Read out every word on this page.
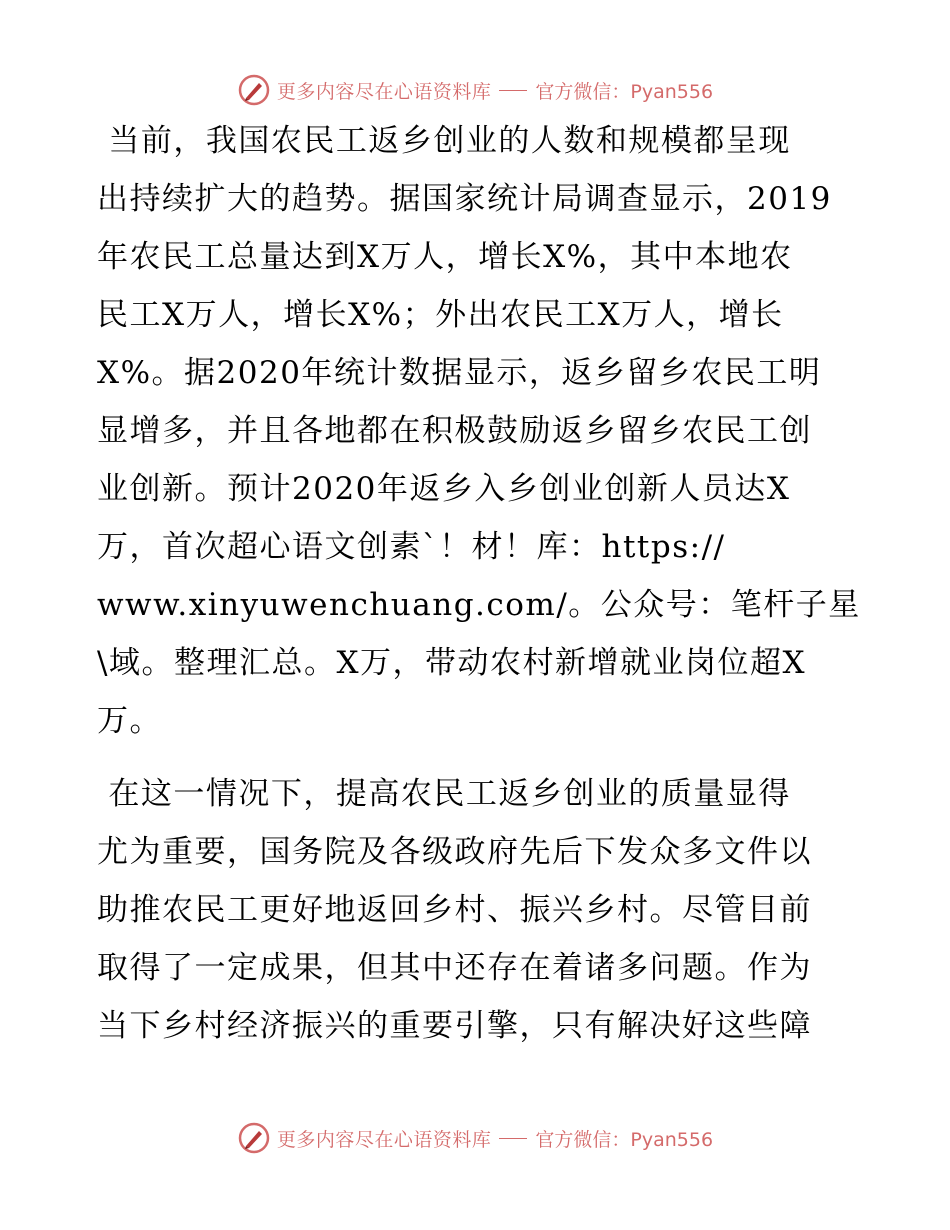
更多内容尽在心语资料库 官方微信：Pyan556
当前，我国农民工返乡创业的人数和规模都呈现
出持续扩大的趋势。据国家统计局调查显示，2019
年农民工总量达到X万人，增长X%，其中本地农
民工X万人，增长X%；外出农民工X万人，增长
X%。据2020年统计数据显示，返乡留乡农民工明
显增多，并且各地都在积极鼓励返乡留乡农民工创
业创新。预计2020年返乡入乡创业创新人员达X
万，首次超心语文创素`！材！库：https://
www.xinyuwenchuang.com/。公众号：笔杆子星
\域。整理汇总。X万，带动农村新增就业岗位超X
万。
在这一情况下，提高农民工返乡创业的质量显得
尤为重要，国务院及各级政府先后下发众多文件以
助推农民工更好地返回乡村、振兴乡村。尽管目前
取得了一定成果，但其中还存在着诸多问题。作为
当下乡村经济振兴的重要引擎，只有解决好这些障
更多内容尽在心语资料库 官方微信：Pyan556
